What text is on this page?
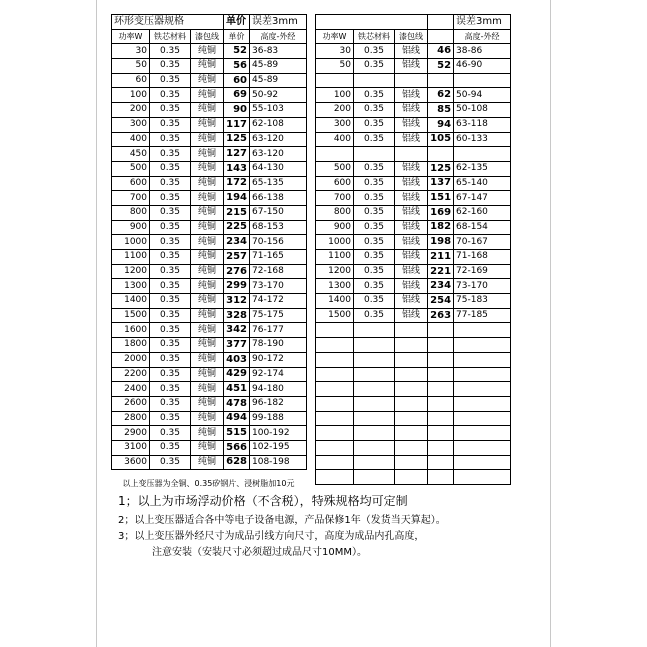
环形变压器规格			单价	误差3mm
功率W	铁芯材料	漆包线	单价	高度-外经
30	0.35	纯铜	52	36-83
50	0.35	纯铜	56	45-89
60	0.35	纯铜	60	45-89
100	0.35	纯铜	69	50-92
200	0.35	纯铜	90	55-103
300	0.35	纯铜	117	62-108
400	0.35	纯铜	125	63-120
450	0.35	纯铜	127	63-120
500	0.35	纯铜	143	64-130
600	0.35	纯铜	172	65-135
700	0.35	纯铜	194	66-138
800	0.35	纯铜	215	67-150
900	0.35	纯铜	225	68-153
1000	0.35	纯铜	234	70-156
1100	0.35	纯铜	257	71-165
1200	0.35	纯铜	276	72-168
1300	0.35	纯铜	299	73-170
1400	0.35	纯铜	312	74-172
1500	0.35	纯铜	328	75-175
1600	0.35	纯铜	342	76-177
1800	0.35	纯铜	377	78-190
2000	0.35	纯铜	403	90-172
2200	0.35	纯铜	429	92-174
2400	0.35	纯铜	451	94-180
2600	0.35	纯铜	478	96-182
2800	0.35	纯铜	494	99-188
2900	0.35	纯铜	515	100-192
3100	0.35	纯铜	566	102-195
3600	0.35	纯铜	628	108-198
				误差3mm
功率W	铁芯材料	漆包线		高度-外经
30	0.35	铝线	46	38-86
50	0.35	铝线	52	46-90

100	0.35	铝线	62	50-94
200	0.35	铝线	85	50-108
300	0.35	铝线	94	63-118
400	0.35	铝线	105	60-133

500	0.35	铝线	125	62-135
600	0.35	铝线	137	65-140
700	0.35	铝线	151	67-147
800	0.35	铝线	169	62-160
900	0.35	铝线	182	68-154
1000	0.35	铝线	198	70-167
1100	0.35	铝线	211	71-168
1200	0.35	铝线	221	72-169
1300	0.35	铝线	234	73-170
1400	0.35	铝线	254	75-183
1500	0.35	铝线	263	77-185

以上变压器为全铜、0.35矽钢片、浸树脂加10元
1；以上为市场浮动价格（不含税），特殊规格均可定制
2；以上变压器适合各中等电子设备电源，产品保修1年（发货当天算起）。
3；以上变压器外经尺寸为成品引线方向尺寸，高度为成品内孔高度，
注意安装（安装尺寸必须超过成品尺寸10MM）。
